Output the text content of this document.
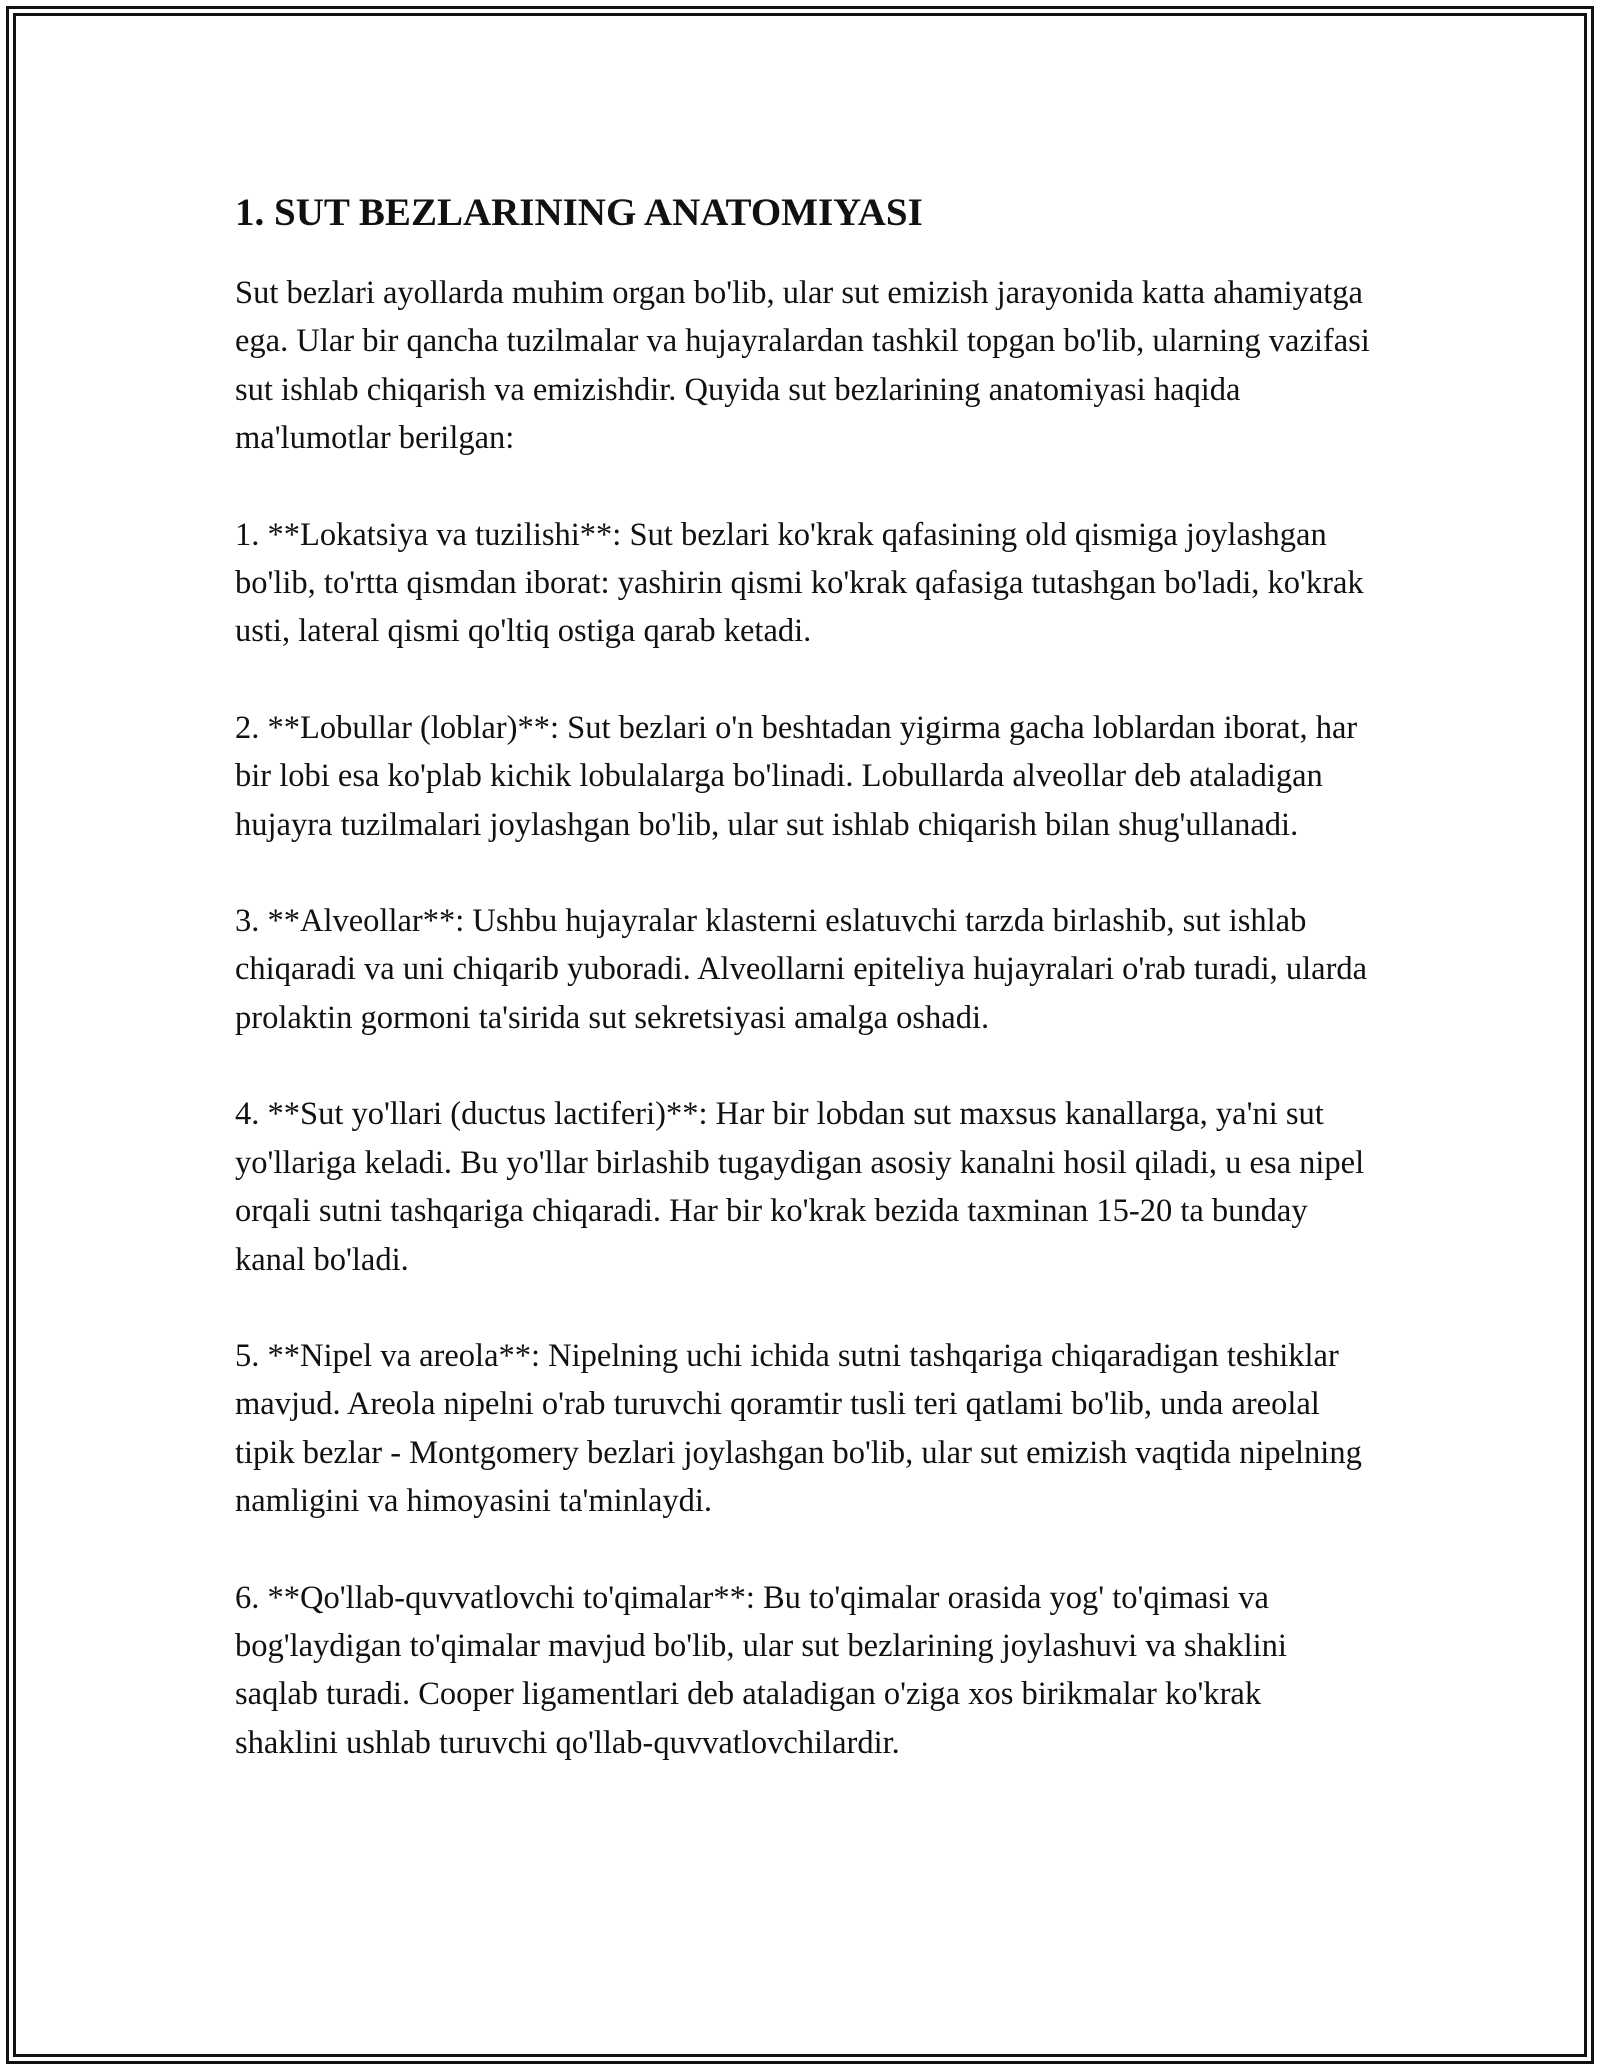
1. SUT BEZLARINING ANATOMIYASI

Sut bezlari ayollarda muhim organ bo'lib, ular sut emizish jarayonida katta ahamiyatga ega. Ular bir qancha tuzilmalar va hujayralardan tashkil topgan bo'lib, ularning vazifasi sut ishlab chiqarish va emizishdir. Quyida sut bezlarining anatomiyasi haqida ma'lumotlar berilgan:

1. **Lokatsiya va tuzilishi**: Sut bezlari ko'krak qafasining old qismiga joylashgan bo'lib, to'rtta qismdan iborat: yashirin qismi ko'krak qafasiga tutashgan bo'ladi, ko'krak usti, lateral qismi qo'ltiq ostiga qarab ketadi.

2. **Lobullar (loblar)**: Sut bezlari o'n beshtadan yigirma gacha loblardan iborat, har bir lobi esa ko'plab kichik lobulalarga bo'linadi. Lobullarda alveollar deb ataladigan hujayra tuzilmalari joylashgan bo'lib, ular sut ishlab chiqarish bilan shug'ullanadi.

3. **Alveollar**: Ushbu hujayralar klasterni eslatuvchi tarzda birlashib, sut ishlab chiqaradi va uni chiqarib yuboradi. Alveollarni epiteliya hujayralari o'rab turadi, ularda prolaktin gormoni ta'sirida sut sekretsiyasi amalga oshadi.

4. **Sut yo'llari (ductus lactiferi)**: Har bir lobdan sut maxsus kanallarga, ya'ni sut yo'llariga keladi. Bu yo'llar birlashib tugaydigan asosiy kanalni hosil qiladi, u esa nipel orqali sutni tashqariga chiqaradi. Har bir ko'krak bezida taxminan 15-20 ta bunday kanal bo'ladi.

5. **Nipel va areola**: Nipelning uchi ichida sutni tashqariga chiqaradigan teshiklar mavjud. Areola nipelni o'rab turuvchi qoramtir tusli teri qatlami bo'lib, unda areolal tipik bezlar - Montgomery bezlari joylashgan bo'lib, ular sut emizish vaqtida nipelning namligini va himoyasini ta'minlaydi.

6. **Qo'llab-quvvatlovchi to'qimalar**: Bu to'qimalar orasida yog' to'qimasi va bog'laydigan to'qimalar mavjud bo'lib, ular sut bezlarining joylashuvi va shaklini saqlab turadi. Cooper ligamentlari deb ataladigan o'ziga xos birikmalar ko'krak shaklini ushlab turuvchi qo'llab-quvvatlovchilardir.
